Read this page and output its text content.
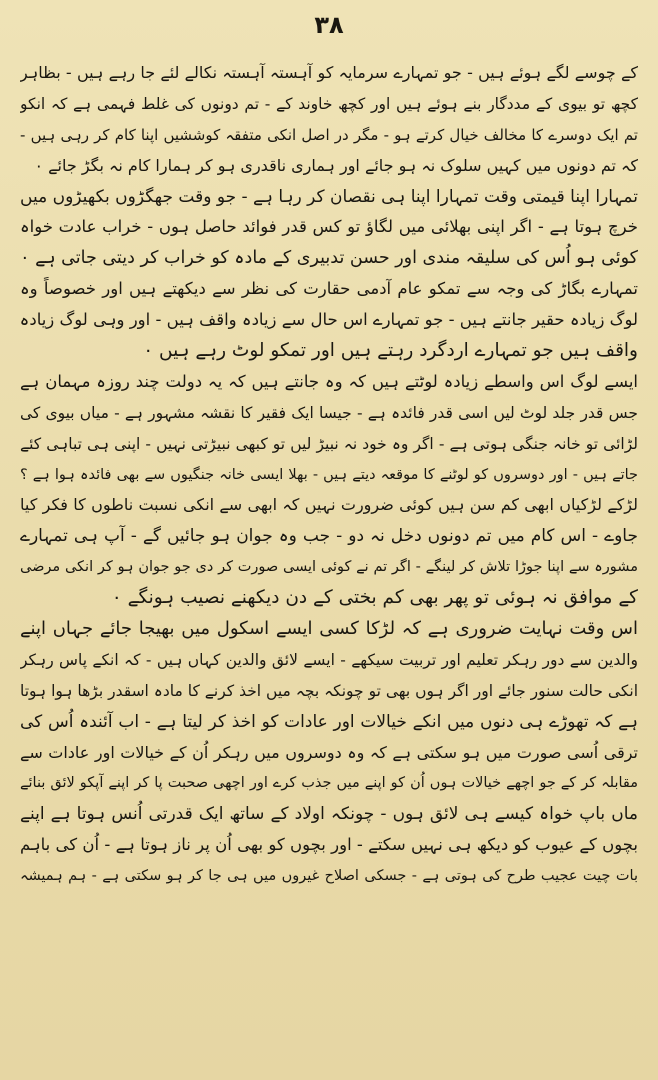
۳۸
کے چوسے لگے ہوئے ہیں - جو تمہارے سرمایہ کو آہستہ آہستہ نکالے لئے جا رہے ہیں - بظاہر
کچھ تو بیوی کے مددگار بنے ہوئے ہیں اور کچھ خاوند کے - تم دونوں کی غلط فہمی ہے کہ انکو
تم ایک دوسرے کا مخالف خیال کرتے ہو - مگر در اصل انکی متفقہ کوششیں اپنا کام کر رہی ہیں -
کہ تم دونوں میں کہیں سلوک نہ ہو جائے اور ہماری ناقدری ہو کر ہمارا کام نہ بگڑ جائے ۰
تمہارا اپنا قیمتی وقت تمہارا اپنا ہی نقصان کر رہا ہے - جو وقت جھگڑوں بکھیڑوں میں
خرچ ہوتا ہے - اگر اپنی بھلائی میں لگاؤ تو کس قدر فوائد حاصل ہوں - خراب عادت خواہ
کوئی ہو اُس کی سلیقہ مندی اور حسن تدبیری کے مادہ کو خراب کر دیتی جاتی ہے ۰
تمہارے بگاڑ کی وجہ سے تمکو عام آدمی حقارت کی نظر سے دیکھتے ہیں اور خصوصاً وہ
لوگ زیادہ حقیر جانتے ہیں - جو تمہارے اس حال سے زیادہ واقف ہیں - اور وہی لوگ زیادہ
واقف ہیں جو تمہارے اردگرد رہتے ہیں اور تمکو لوٹ رہے ہیں ۰
ایسے لوگ اس واسطے زیادہ لوٹتے ہیں کہ وہ جانتے ہیں کہ یہ دولت چند روزہ مہمان ہے
جس قدر جلد لوٹ لیں اسی قدر فائدہ ہے - جیسا ایک فقیر کا نقشہ مشہور ہے - میاں بیوی کی
لڑائی تو خانہ جنگی ہوتی ہے - اگر وہ خود نہ نبیڑ لیں تو کبھی نبیڑتی نہیں - اپنی ہی تباہی کئے
جاتے ہیں - اور دوسروں کو لوٹنے کا موقعہ دیتے ہیں - بھلا ایسی خانہ جنگیوں سے بھی فائدہ ہوا ہے ؟
لڑکے لڑکیاں ابھی کم سن ہیں کوئی ضرورت نہیں کہ ابھی سے انکی نسبت ناطوں کا فکر کیا
جاوے - اس کام میں تم دونوں دخل نہ دو - جب وہ جوان ہو جائیں گے - آپ ہی تمہارے
مشورہ سے اپنا جوڑا تلاش کر لینگے - اگر تم نے کوئی ایسی صورت کر دی جو جوان ہو کر انکی مرضی
کے موافق نہ ہوئی تو پھر بھی کم بختی کے دن دیکھنے نصیب ہونگے ۰
اس وقت نہایت ضروری ہے کہ لڑکا کسی ایسے اسکول میں بھیجا جائے جہاں اپنے
والدین سے دور رہکر تعلیم اور تربیت سیکھے - ایسے لائق والدین کہاں ہیں - کہ انکے پاس رہکر
انکی حالت سنور جائے اور اگر ہوں بھی تو چونکہ بچہ میں اخذ کرنے کا مادہ اسقدر بڑھا ہوا ہوتا
ہے کہ تھوڑے ہی دنوں میں انکے خیالات اور عادات کو اخذ کر لیتا ہے - اب آئندہ اُس کی
ترقی اُسی صورت میں ہو سکتی ہے کہ وہ دوسروں میں رہکر اُن کے خیالات اور عادات سے
مقابلہ کر کے جو اچھے خیالات ہوں اُن کو اپنے میں جذب کرے اور اچھی صحبت پا کر اپنے آپکو لائق بنائے
ماں باپ خواہ کیسے ہی لائق ہوں - چونکہ اولاد کے ساتھ ایک قدرتی اُنس ہوتا ہے اپنے
بچوں کے عیوب کو دیکھ ہی نہیں سکتے - اور بچوں کو بھی اُن پر ناز ہوتا ہے - اُن کی باہم
بات چیت عجیب طرح کی ہوتی ہے - جسکی اصلاح غیروں میں ہی جا کر ہو سکتی ہے - ہم ہمیشہ
